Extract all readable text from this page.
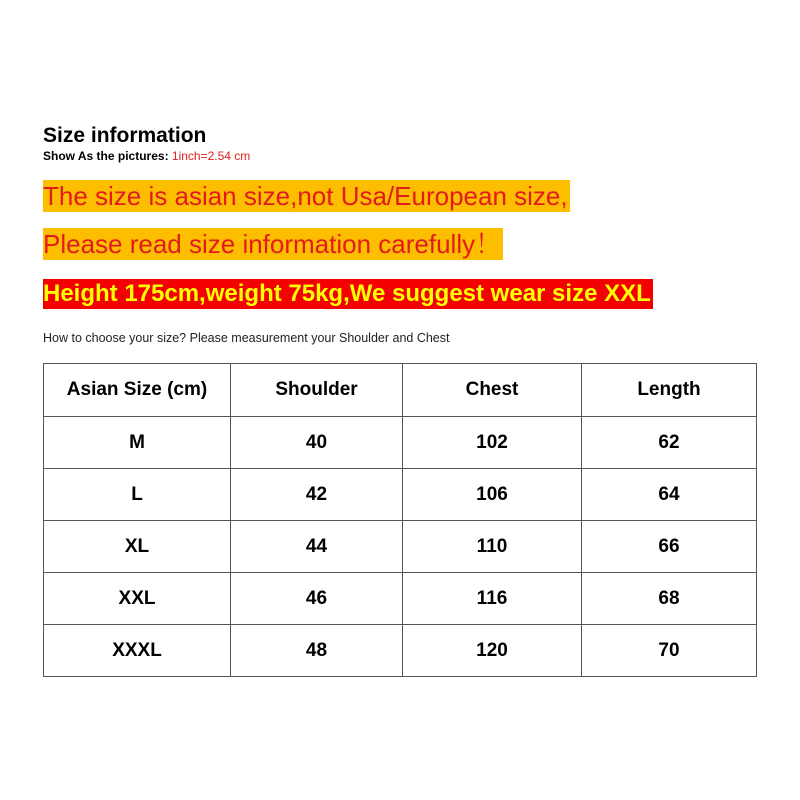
Size information
Show As the pictures: 1inch=2.54 cm
The size is asian size,not Usa/European size,
Please read size information carefully！
Height 175cm,weight 75kg,We suggest wear size XXL
How to choose your size? Please measurement your Shoulder and Chest
Asian Size (cm)	Shoulder	Chest	Length
M	40	102	62
L	42	106	64
XL	44	110	66
XXL	46	116	68
XXXL	48	120	70
